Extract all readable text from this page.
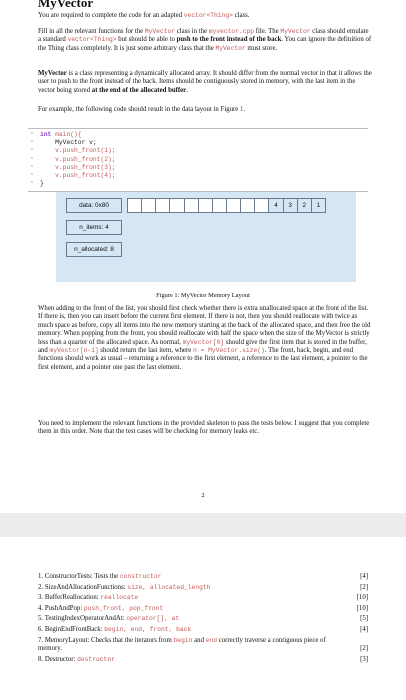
MyVector

You are required to complete the code for an adapted vector<Thing> class.

Fill in all the relevant functions for the MyVector class in the myvector.cpp file. The MyVector class should emulate a standard vector<Thing> but should be able to push to the front instead of the back. You can ignore the definition of the Thing class completely. It is just some arbitrary class that the MyVector must store.

MyVector is a class representing a dynamically allocated array. It should differ from the normal vector in that it allows the user to push to the front instead of the back. Items should be contiguously stored in memory, with the last item in the vector being stored at the end of the allocated buffer.

For example, the following code should result in the data layout in Figure 1.

›
›
›
›
›
›
›
int main(){
MyVector v;
v.push_front(1);
v.push_front(2);
v.push_front(3);
v.push_front(4);
}
data: 0x80
n_items: 4
n_allocated: 8
4	3	2	1
Figure 1: MyVector Memory Layout

When adding to the front of the list, you should first check whether there is extra unallocated space at the front of the list. If there is, then you can insert before the current first element. If there is not, then you should reallocate with twice as much space as before, copy all items into the new memory starting at the back of the allocated space, and then free the old memory. When popping from the front, you should reallocate with half the space when the size of the MyVector is strictly less than a quarter of the allocated space. As normal, myVector[0] should give the first item that is stored in the buffer, and myVector[n-1] should return the last item, where n = MyVector.size(). The front, back, begin, and end functions should work as usual – returning a reference to the first element, a reference to the last element, a pointer to the first element, and a pointer one past the last element.

You need to implement the relevant functions in the provided skeleton to pass the tests below. I suggest that you complete them in this order. Note that the test cases will be checking for memory leaks etc.
2
1. ConstructorTests: Tests the constructor	[4]
2. SizeAndAllocationFunctions: size, allocated_length	[2]
3. BufferReallocation: reallocate	[10]
4. PushAndPop: push_front, pop_front	[10]
5. TestingIndexOperatorAndAt: operator[], at	[5]
6. BeginEndFrontBack: begin, end, front, back	[4]
7. MemoryLayout: Checks that the iterators from begin and end correctly traverse a contiguous piece of memory.	[2]
8. Destructor: destructor	[3]
